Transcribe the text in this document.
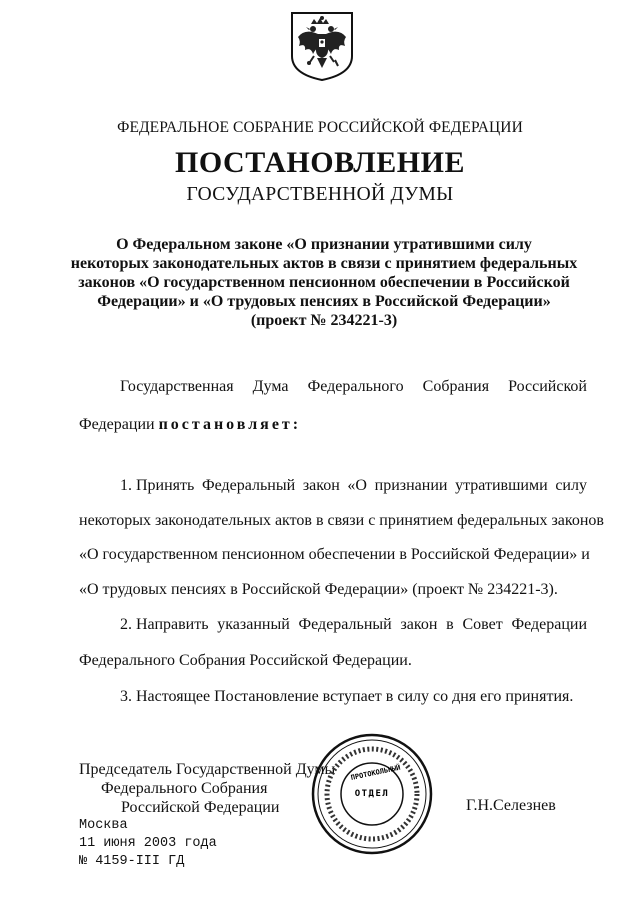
ФЕДЕРАЛЬНОЕ СОБРАНИЕ РОССИЙСКОЙ ФЕДЕРАЦИИ
ПОСТАНОВЛЕНИЕ
ГОСУДАРСТВЕННОЙ ДУМЫ
О Федеральном законе «О признании утратившими силу
некоторых законодательных актов в связи с принятием федеральных
законов «О государственном пенсионном обеспечении в Российской
Федерации» и «О трудовых пенсиях в Российской Федерации»
(проект № 234221-3)
Государственная Дума Федерального Собрания Российской
Федерации постановляет:
1. Принять Федеральный закон «О признании утратившими силу
некоторых законодательных актов в связи с принятием федеральных законов
«О государственном пенсионном обеспечении в Российской Федерации» и
«О трудовых пенсиях в Российской Федерации» (проект № 234221-3).
2. Направить указанный Федеральный закон в Совет Федерации
Федерального Собрания Российской Федерации.
3. Настоящее Постановление вступает в силу со дня его принятия.
Председатель Государственной Думы
Федерального Собрания
Российской Федерации	Г.Н.Селезнев
ОТДЕЛ
ПРОТОКОЛЬНЫЙ
Москва
11 июня 2003 года
№ 4159-III ГД
